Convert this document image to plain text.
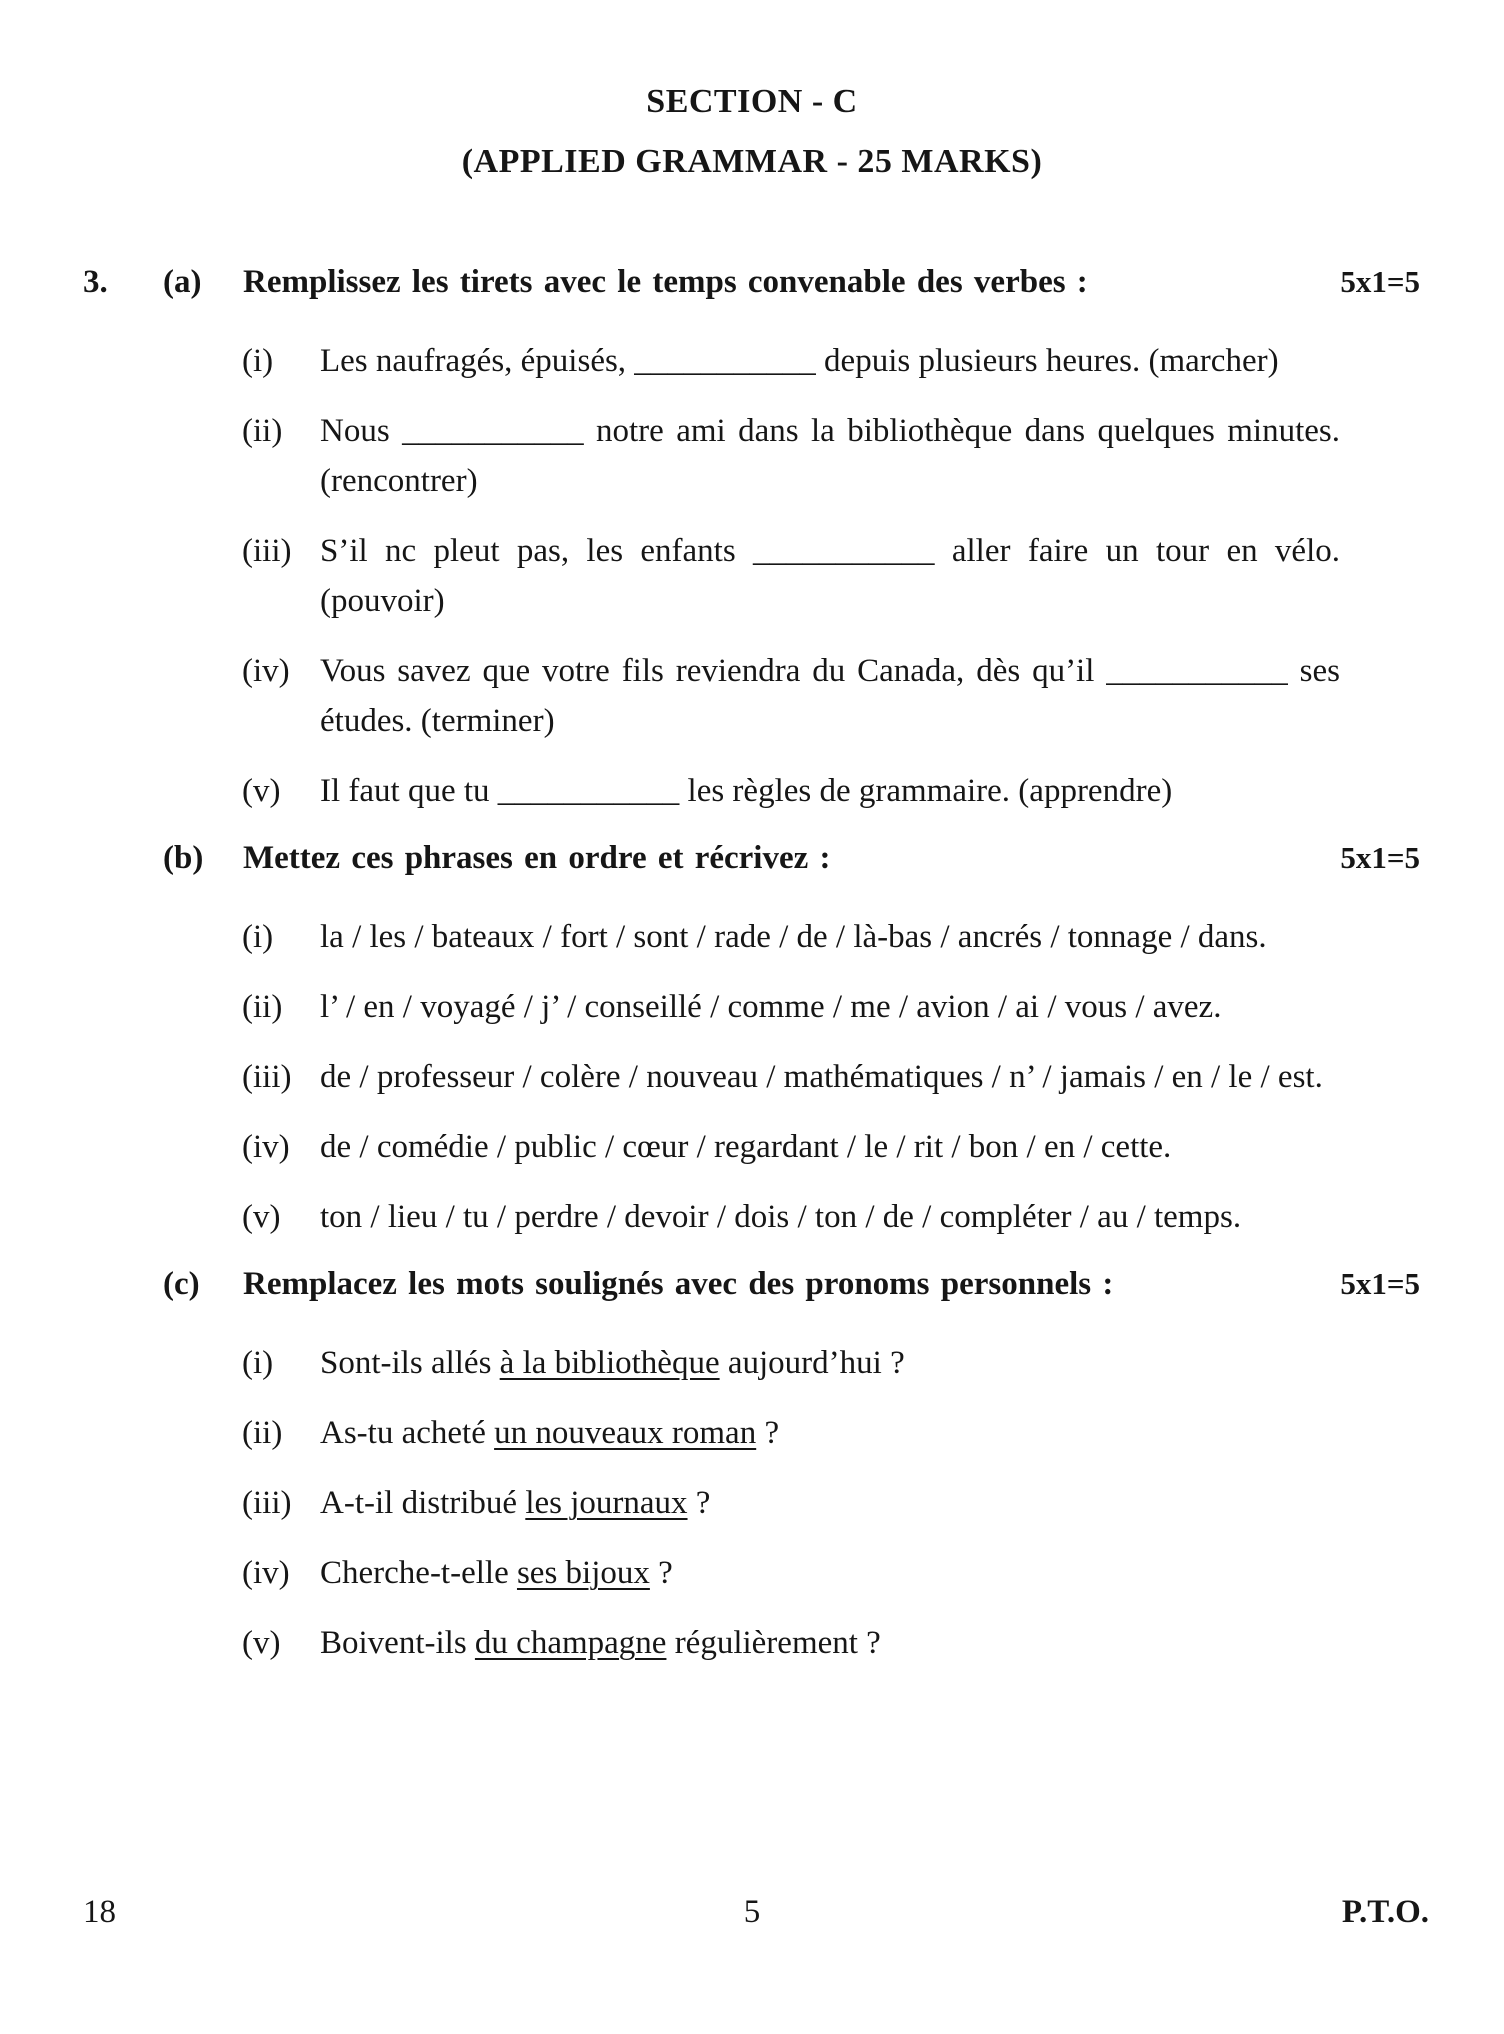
SECTION - C
(APPLIED GRAMMAR - 25 MARKS)
3.	(a)	Remplissez les tirets avec le temps convenable des verbes :	5x1=5
(i)	Les naufragés, épuisés, ___________ depuis plusieurs heures. (marcher)
(ii)	Nous ___________ notre ami dans la bibliothèque dans quelques minutes. (rencontrer)
(iii) S’il nc pleut pas, les enfants ___________ aller faire un tour en vélo. (pouvoir)
(iv) Vous savez que votre fils reviendra du Canada, dès qu’il ___________ ses études. (terminer)
(v)	Il faut que tu ___________ les règles de grammaire. (apprendre)
(b)	Mettez ces phrases en ordre et récrivez :	5x1=5
(i)	la / les / bateaux / fort / sont / rade / de / là-bas / ancrés / tonnage / dans.
(ii)	l’ / en / voyagé / j’ / conseillé / comme / me / avion / ai / vous / avez.
(iii) de / professeur / colère / nouveau / mathématiques / n’ / jamais / en / le / est.
(iv) de / comédie / public / cœur / regardant / le / rit / bon / en / cette.
(v)	ton / lieu / tu / perdre / devoir / dois / ton / de / compléter / au / temps.
(c)	Remplacez les mots soulignés avec des pronoms personnels :	5x1=5
(i)	Sont-ils allés à la bibliothèque aujourd’hui ?
(ii)	As-tu acheté un nouveaux roman ?
(iii) A-t-il distribué les journaux ?
(iv) Cherche-t-elle ses bijoux ?
(v)	Boivent-ils du champagne régulièrement ?
18	5	P.T.O.
